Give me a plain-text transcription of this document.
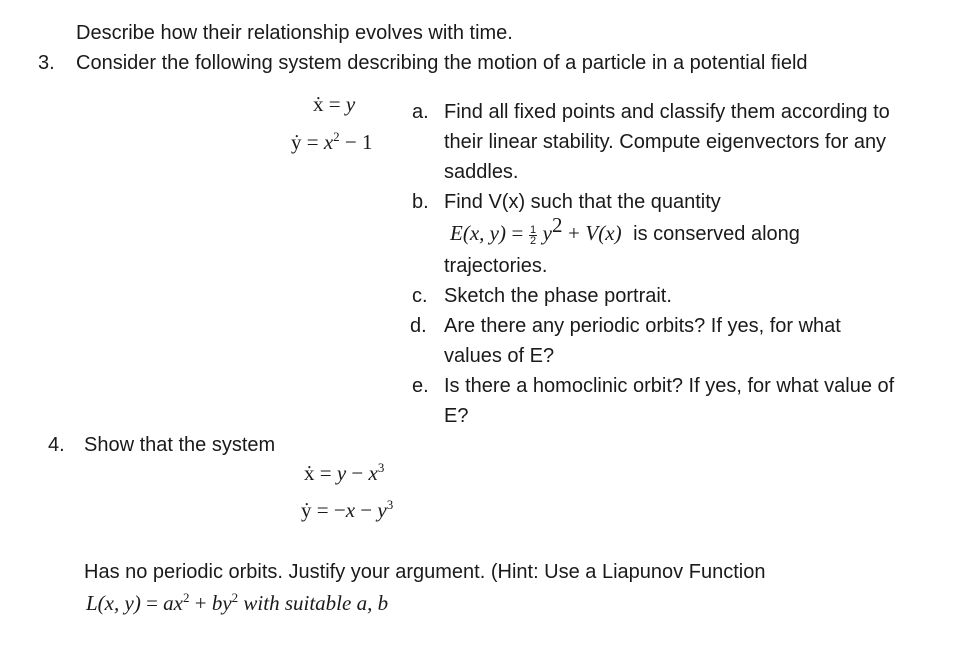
Describe how their relationship evolves with time.
3. Consider the following system describing the motion of a particle in a potential field
ẋ = y
ẏ = $x^2 - 1$
a. Find all fixed points and classify them according to
their linear stability. Compute eigenvectors for any
saddles.
b. Find V(x) such that the quantity
E(x, $y) = \frac{1}{2} y^2 + V(x)$ is conserved along
trajectories.
c. Sketch the phase portrait.
d. Are there any periodic orbits? If yes, for what
values of E?
e. Is there a homoclinic orbit? If yes, for what value of
E?
4. Show that the system
ẋ = $y - x^3$
ẏ = $-x - y^3$
Has no periodic orbits. Justify your argument. (Hint: Use a Liapunov Function
L(x, $y) = ax^2 + by^2$ with suitable a, b
